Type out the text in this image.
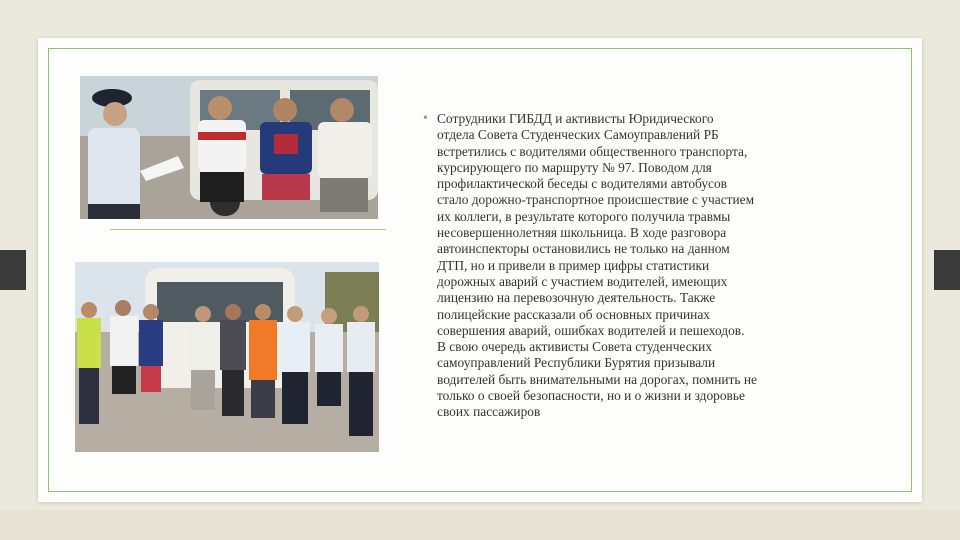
• Сотрудники ГИБДД и активисты Юридического
отдела Совета Студенческих Самоуправлений РБ
встретились с водителями общественного транспорта,
курсирующего по маршруту № 97. Поводом для
профилактической беседы с водителями автобусов
стало дорожно-транспортное происшествие с участием
их коллеги, в результате которого получила травмы
несовершеннолетняя школьница. В ходе разговора
автоинспекторы остановились не только на данном
ДТП, но и привели в пример цифры статистики
дорожных аварий с участием водителей, имеющих
лицензию на перевозочную деятельность. Также
полицейские рассказали об основных причинах
совершения аварий, ошибках водителей и пешеходов.
В свою очередь активисты Совета студенческих
самоуправлений Республики Бурятия призывали
водителей быть внимательными на дорогах, помнить не
только о своей безопасности, но и о жизни и здоровье
своих пассажиров
